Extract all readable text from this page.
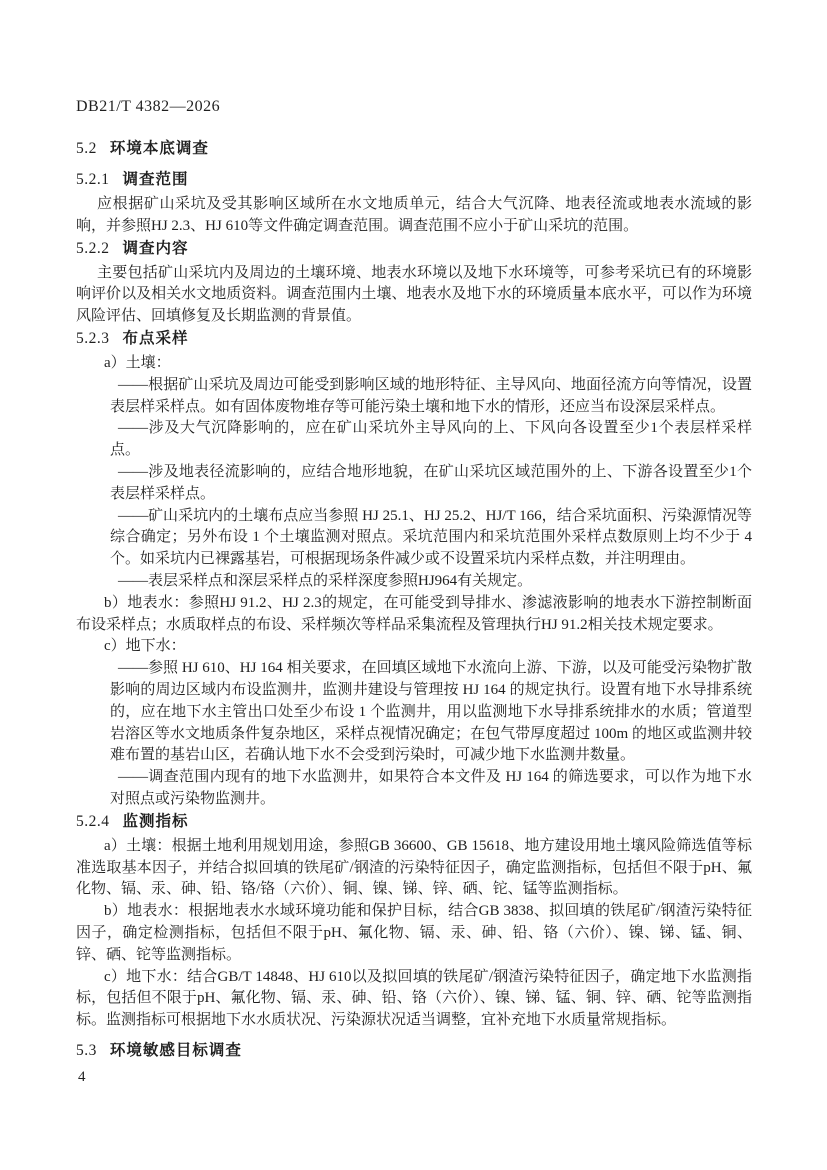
DB21/T 4382—2026
5.2 环境本底调查
5.2.1 调查范围

应根据矿山采坑及受其影响区域所在水文地质单元，结合大气沉降、地表径流或地表水流域的影响，并参照HJ 2.3、HJ 610等文件确定调查范围。调查范围不应小于矿山采坑的范围。

5.2.2 调查内容

主要包括矿山采坑内及周边的土壤环境、地表水环境以及地下水环境等，可参考采坑已有的环境影响评价以及相关水文地质资料。调查范围内土壤、地表水及地下水的环境质量本底水平，可以作为环境风险评估、回填修复及长期监测的背景值。

5.2.3 布点采样

a）土壤：

——根据矿山采坑及周边可能受到影响区域的地形特征、主导风向、地面径流方向等情况，设置表层样采样点。如有固体废物堆存等可能污染土壤和地下水的情形，还应当布设深层采样点。

——涉及大气沉降影响的，应在矿山采坑外主导风向的上、下风向各设置至少1个表层样采样点。

——涉及地表径流影响的，应结合地形地貌，在矿山采坑区域范围外的上、下游各设置至少1个表层样采样点。

——矿山采坑内的土壤布点应当参照 HJ 25.1、HJ 25.2、HJ/T 166，结合采坑面积、污染源情况等综合确定；另外布设 1 个土壤监测对照点。采坑范围内和采坑范围外采样点数原则上均不少于 4 个。如采坑内已裸露基岩，可根据现场条件减少或不设置采坑内采样点数，并注明理由。

——表层采样点和深层采样点的采样深度参照HJ964有关规定。

b）地表水：参照HJ 91.2、HJ 2.3的规定，在可能受到导排水、渗滤液影响的地表水下游控制断面布设采样点；水质取样点的布设、采样频次等样品采集流程及管理执行HJ 91.2相关技术规定要求。

c）地下水：

——参照 HJ 610、HJ 164 相关要求，在回填区域地下水流向上游、下游，以及可能受污染物扩散影响的周边区域内布设监测井，监测井建设与管理按 HJ 164 的规定执行。设置有地下水导排系统的，应在地下水主管出口处至少布设 1 个监测井，用以监测地下水导排系统排水的水质；管道型岩溶区等水文地质条件复杂地区，采样点视情况确定；在包气带厚度超过 100m 的地区或监测井较难布置的基岩山区，若确认地下水不会受到污染时，可减少地下水监测井数量。

——调查范围内现有的地下水监测井，如果符合本文件及 HJ 164 的筛选要求，可以作为地下水对照点或污染物监测井。

5.2.4 监测指标

a）土壤：根据土地利用规划用途，参照GB 36600、GB 15618、地方建设用地土壤风险筛选值等标准选取基本因子，并结合拟回填的铁尾矿/钢渣的污染特征因子，确定监测指标，包括但不限于pH、氟化物、镉、汞、砷、铅、铬/铬（六价）、铜、镍、锑、锌、硒、铊、锰等监测指标。

b）地表水：根据地表水水域环境功能和保护目标，结合GB 3838、拟回填的铁尾矿/钢渣污染特征因子，确定检测指标，包括但不限于pH、氟化物、镉、汞、砷、铅、铬（六价）、镍、锑、锰、铜、锌、硒、铊等监测指标。

c）地下水：结合GB/T 14848、HJ 610以及拟回填的铁尾矿/钢渣污染特征因子，确定地下水监测指标，包括但不限于pH、氟化物、镉、汞、砷、铅、铬（六价）、镍、锑、锰、铜、锌、硒、铊等监测指标。监测指标可根据地下水水质状况、污染源状况适当调整，宜补充地下水质量常规指标。

5.3 环境敏感目标调查
4
